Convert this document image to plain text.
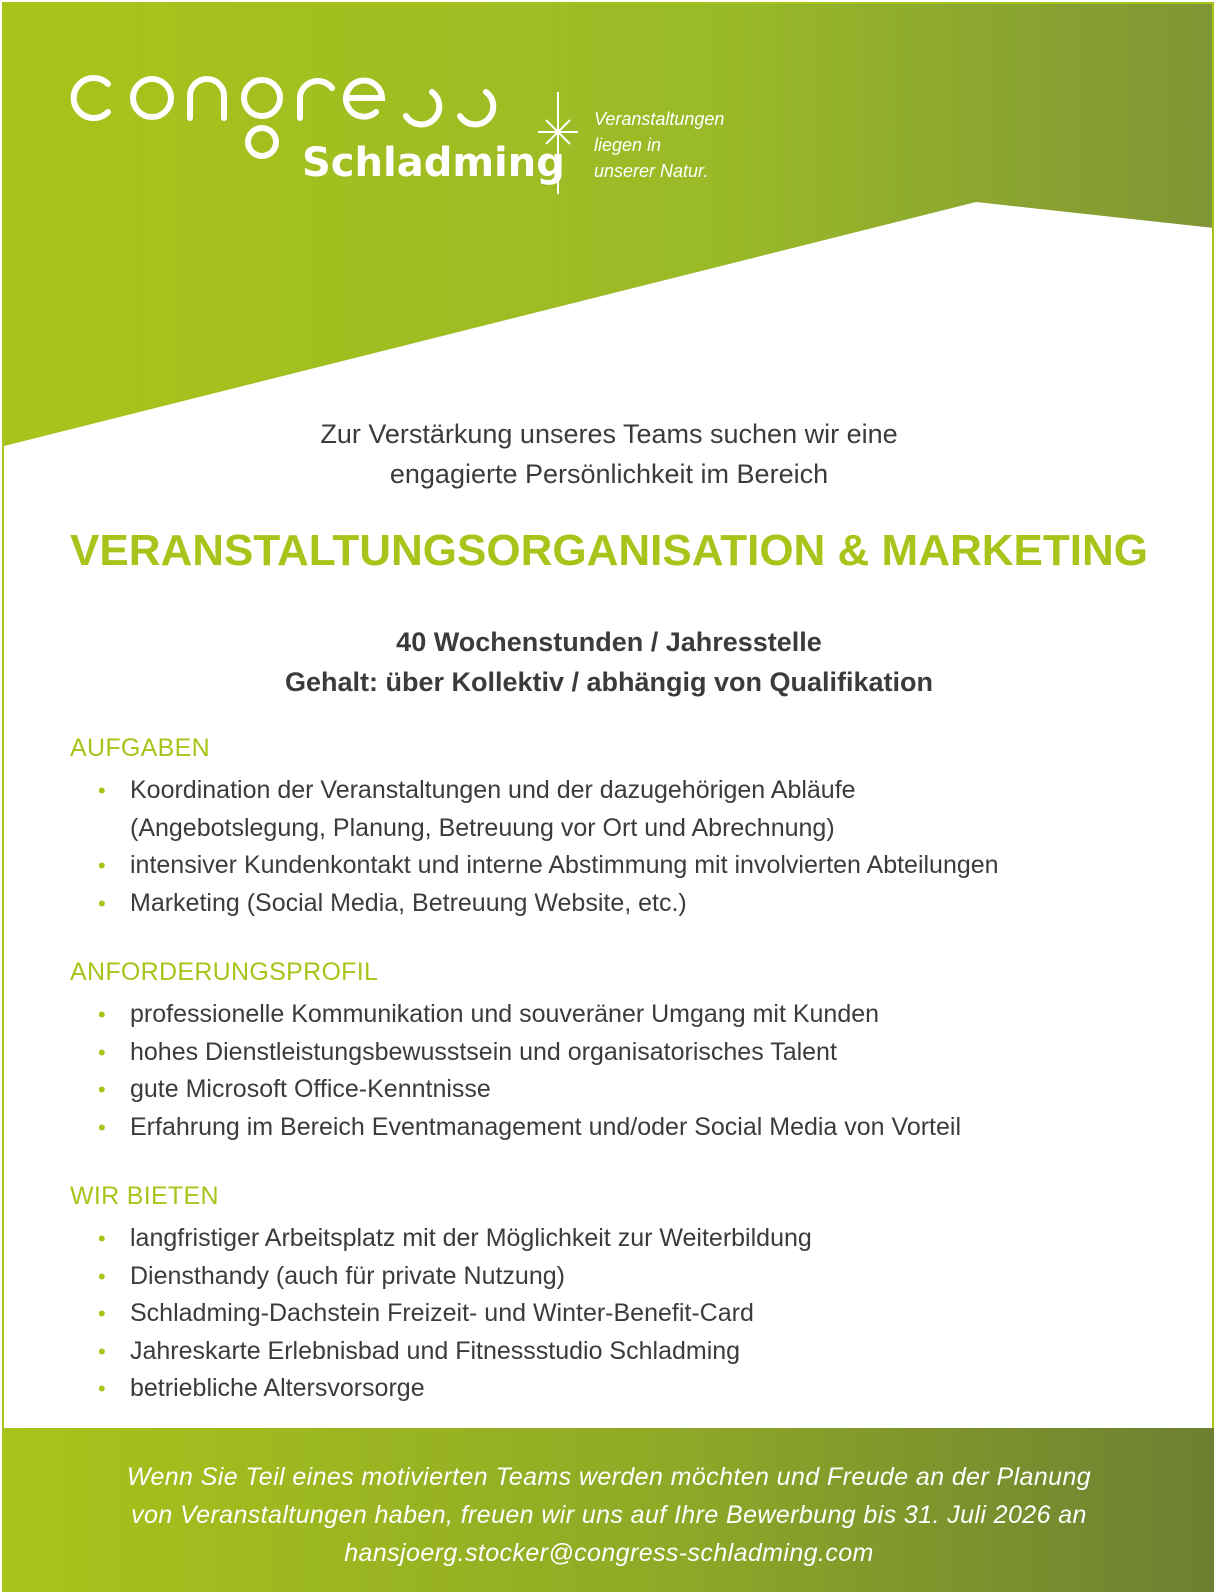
Schladming
Veranstaltungen
liegen in
unserer Natur.
Zur Verstärkung unseres Teams suchen wir eine
engagierte Persönlichkeit im Bereich
VERANSTALTUNGSORGANISATION & MARKETING
40 Wochenstunden / Jahresstelle
Gehalt: über Kollektiv / abhängig von Qualifikation
AUFGABEN
• Koordination der Veranstaltungen und der dazugehörigen Abläufe
(Angebotslegung, Planung, Betreuung vor Ort und Abrechnung)
• intensiver Kundenkontakt und interne Abstimmung mit involvierten Abteilungen
• Marketing (Social Media, Betreuung Website, etc.)
ANFORDERUNGSPROFIL
• professionelle Kommunikation und souveräner Umgang mit Kunden
• hohes Dienstleistungsbewusstsein und organisatorisches Talent
• gute Microsoft Office-Kenntnisse
• Erfahrung im Bereich Eventmanagement und/oder Social Media von Vorteil
WIR BIETEN
• langfristiger Arbeitsplatz mit der Möglichkeit zur Weiterbildung
• Diensthandy (auch für private Nutzung)
• Schladming-Dachstein Freizeit- und Winter-Benefit-Card
• Jahreskarte Erlebnisbad und Fitnessstudio Schladming
• betriebliche Altersvorsorge
Wenn Sie Teil eines motivierten Teams werden möchten und Freude an der Planung
von Veranstaltungen haben, freuen wir uns auf Ihre Bewerbung bis 31. Juli 2026 an
hansjoerg.stocker@congress-schladming.com
